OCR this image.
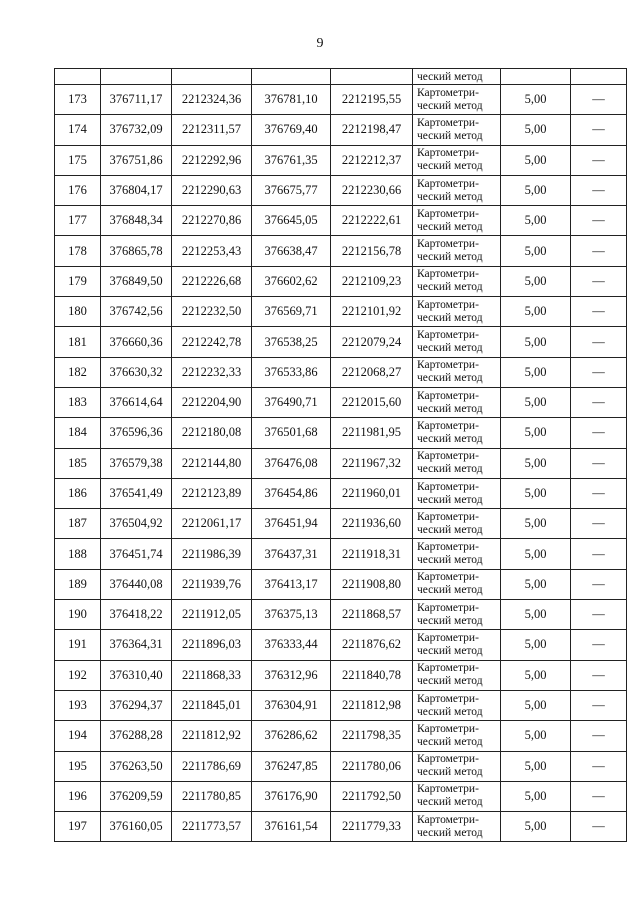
9
					ческий метод		
173	376711,17	2212324,36	376781,10	2212195,55	Картометри-
ческий метод	5,00	—
174	376732,09	2212311,57	376769,40	2212198,47	Картометри-
ческий метод	5,00	—
175	376751,86	2212292,96	376761,35	2212212,37	Картометри-
ческий метод	5,00	—
176	376804,17	2212290,63	376675,77	2212230,66	Картометри-
ческий метод	5,00	—
177	376848,34	2212270,86	376645,05	2212222,61	Картометри-
ческий метод	5,00	—
178	376865,78	2212253,43	376638,47	2212156,78	Картометри-
ческий метод	5,00	—
179	376849,50	2212226,68	376602,62	2212109,23	Картометри-
ческий метод	5,00	—
180	376742,56	2212232,50	376569,71	2212101,92	Картометри-
ческий метод	5,00	—
181	376660,36	2212242,78	376538,25	2212079,24	Картометри-
ческий метод	5,00	—
182	376630,32	2212232,33	376533,86	2212068,27	Картометри-
ческий метод	5,00	—
183	376614,64	2212204,90	376490,71	2212015,60	Картометри-
ческий метод	5,00	—
184	376596,36	2212180,08	376501,68	2211981,95	Картометри-
ческий метод	5,00	—
185	376579,38	2212144,80	376476,08	2211967,32	Картометри-
ческий метод	5,00	—
186	376541,49	2212123,89	376454,86	2211960,01	Картометри-
ческий метод	5,00	—
187	376504,92	2212061,17	376451,94	2211936,60	Картометри-
ческий метод	5,00	—
188	376451,74	2211986,39	376437,31	2211918,31	Картометри-
ческий метод	5,00	—
189	376440,08	2211939,76	376413,17	2211908,80	Картометри-
ческий метод	5,00	—
190	376418,22	2211912,05	376375,13	2211868,57	Картометри-
ческий метод	5,00	—
191	376364,31	2211896,03	376333,44	2211876,62	Картометри-
ческий метод	5,00	—
192	376310,40	2211868,33	376312,96	2211840,78	Картометри-
ческий метод	5,00	—
193	376294,37	2211845,01	376304,91	2211812,98	Картометри-
ческий метод	5,00	—
194	376288,28	2211812,92	376286,62	2211798,35	Картометри-
ческий метод	5,00	—
195	376263,50	2211786,69	376247,85	2211780,06	Картометри-
ческий метод	5,00	—
196	376209,59	2211780,85	376176,90	2211792,50	Картометри-
ческий метод	5,00	—
197	376160,05	2211773,57	376161,54	2211779,33	Картометри-
ческий метод	5,00	—
